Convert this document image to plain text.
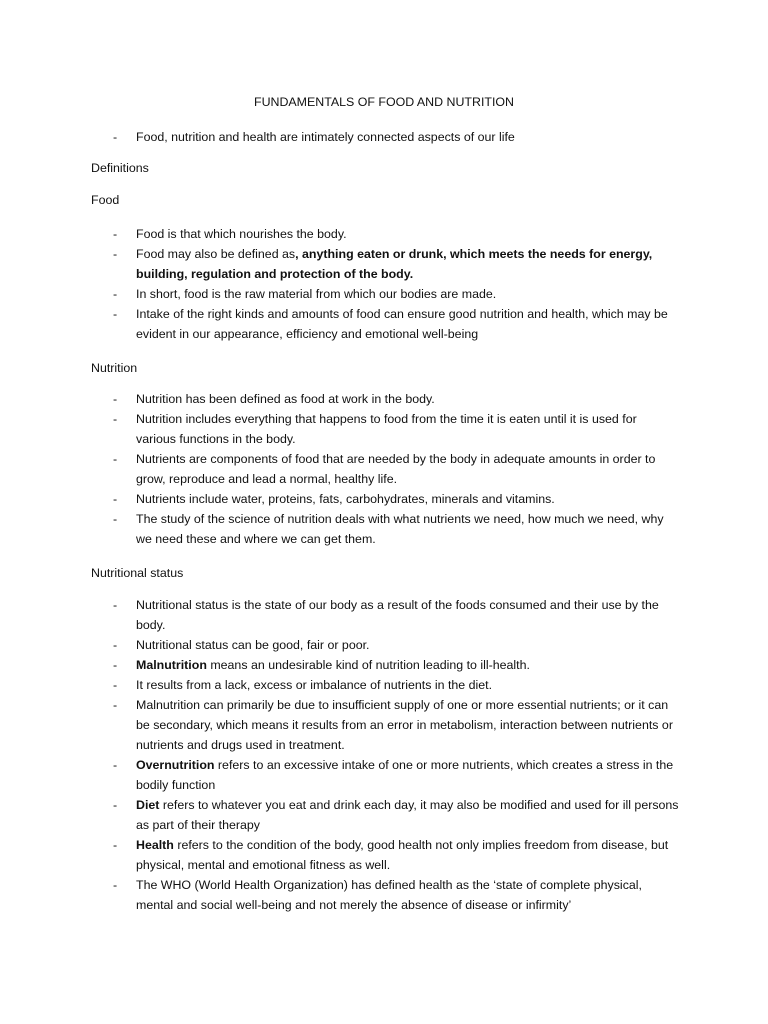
FUNDAMENTALS OF FOOD AND NUTRITION
- Food, nutrition and health are intimately connected aspects of our life
Definitions
Food
- Food is that which nourishes the body.
- Food may also be defined as, anything eaten or drunk, which meets the needs for energy, building, regulation and protection of the body.
- In short, food is the raw material from which our bodies are made.
- Intake of the right kinds and amounts of food can ensure good nutrition and health, which may be evident in our appearance, efficiency and emotional well-being
Nutrition
- Nutrition has been defined as food at work in the body.
- Nutrition includes everything that happens to food from the time it is eaten until it is used for various functions in the body.
- Nutrients are components of food that are needed by the body in adequate amounts in order to grow, reproduce and lead a normal, healthy life.
- Nutrients include water, proteins, fats, carbohydrates, minerals and vitamins.
- The study of the science of nutrition deals with what nutrients we need, how much we need, why we need these and where we can get them.
Nutritional status
- Nutritional status is the state of our body as a result of the foods consumed and their use by the body.
- Nutritional status can be good, fair or poor.
- Malnutrition means an undesirable kind of nutrition leading to ill-health.
- It results from a lack, excess or imbalance of nutrients in the diet.
- Malnutrition can primarily be due to insufficient supply of one or more essential nutrients; or it can be secondary, which means it results from an error in metabolism, interaction between nutrients or nutrients and drugs used in treatment.
- Overnutrition refers to an excessive intake of one or more nutrients, which creates a stress in the bodily function
- Diet refers to whatever you eat and drink each day, it may also be modified and used for ill persons as part of their therapy
- Health refers to the condition of the body, good health not only implies freedom from disease, but physical, mental and emotional fitness as well.
- The WHO (World Health Organization) has defined health as the ‘state of complete physical, mental and social well-being and not merely the absence of disease or infirmity’
